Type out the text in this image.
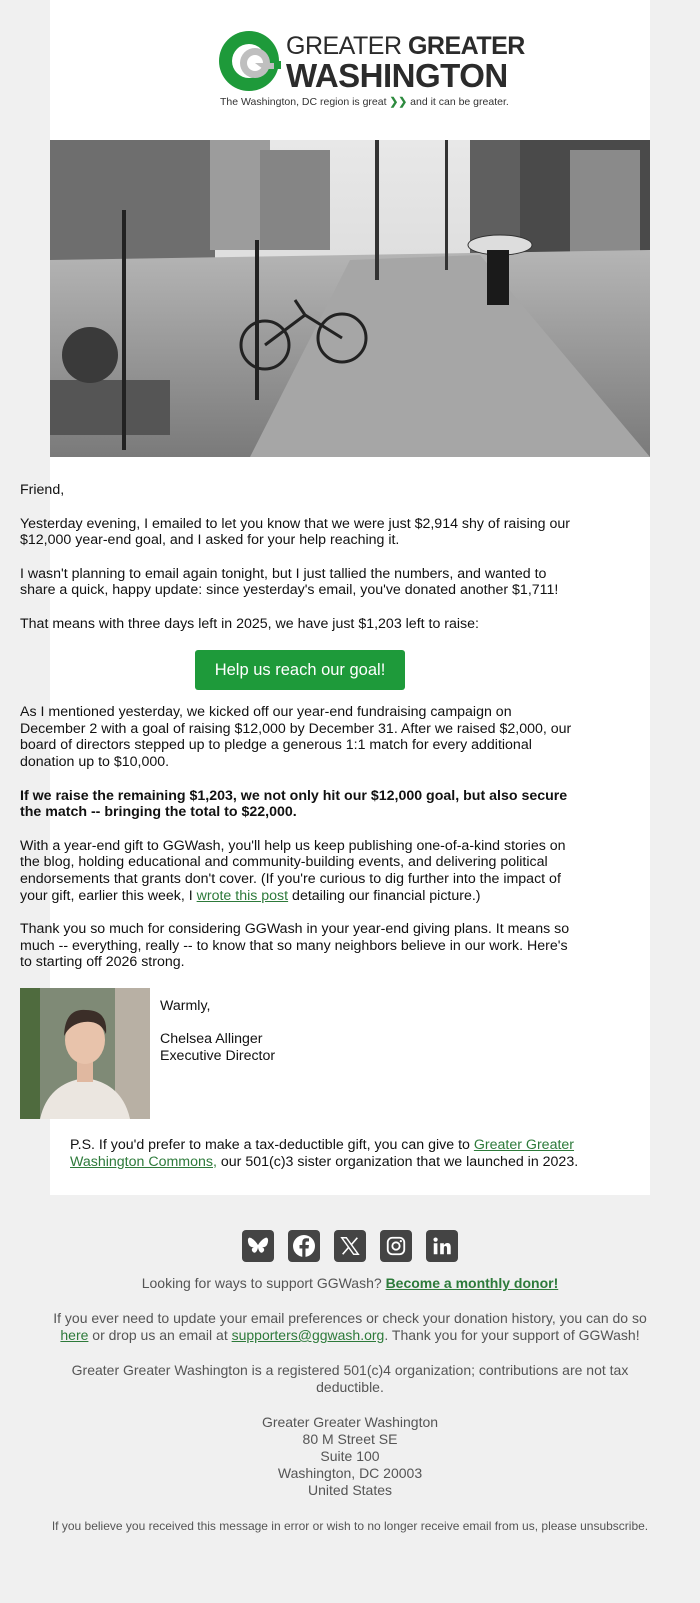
GREATER GREATER
WASHINGTON
The Washington, DC region is great ❯❯ and it can be greater.

Friend,

Yesterday evening, I emailed to let you know that we were just $2,914 shy of raising our $12,000 year-end goal, and I asked for your help reaching it.

I wasn't planning to email again tonight, but I just tallied the numbers, and wanted to share a quick, happy update: since yesterday's email, you've donated another $1,711!

That means with three days left in 2025, we have just $1,203 left to raise:

Help us reach our goal!

As I mentioned yesterday, we kicked off our year-end fundraising campaign on December 2 with a goal of raising $12,000 by December 31. After we raised $2,000, our board of directors stepped up to pledge a generous 1:1 match for every additional donation up to $10,000.

If we raise the remaining $1,203, we not only hit our $12,000 goal, but also secure the match -- bringing the total to $22,000.

With a year-end gift to GGWash, you'll help us keep publishing one-of-a-kind stories on the blog, holding educational and community-building events, and delivering political endorsements that grants don't cover. (If you're curious to dig further into the impact of your gift, earlier this week, I wrote this post detailing our financial picture.)

Thank you so much for considering GGWash in your year-end giving plans. It means so much -- everything, really -- to know that so many neighbors believe in our work. Here's to starting off 2026 strong.

Warmly,
Chelsea Allinger
Executive Director
P.S. If you'd prefer to make a tax-deductible gift, you can give to Greater Greater Washington Commons, our 501(c)3 sister organization that we launched in 2023.

Looking for ways to support GGWash? Become a monthly donor!

If you ever need to update your email preferences or check your donation history, you can do so here or drop us an email at supporters@ggwash.org. Thank you for your support of GGWash!

Greater Greater Washington is a registered 501(c)4 organization; contributions are not tax deductible.

Greater Greater Washington

80 M Street SE

Suite 100

Washington, DC 20003

United States

If you believe you received this message in error or wish to no longer receive email from us, please unsubscribe.
